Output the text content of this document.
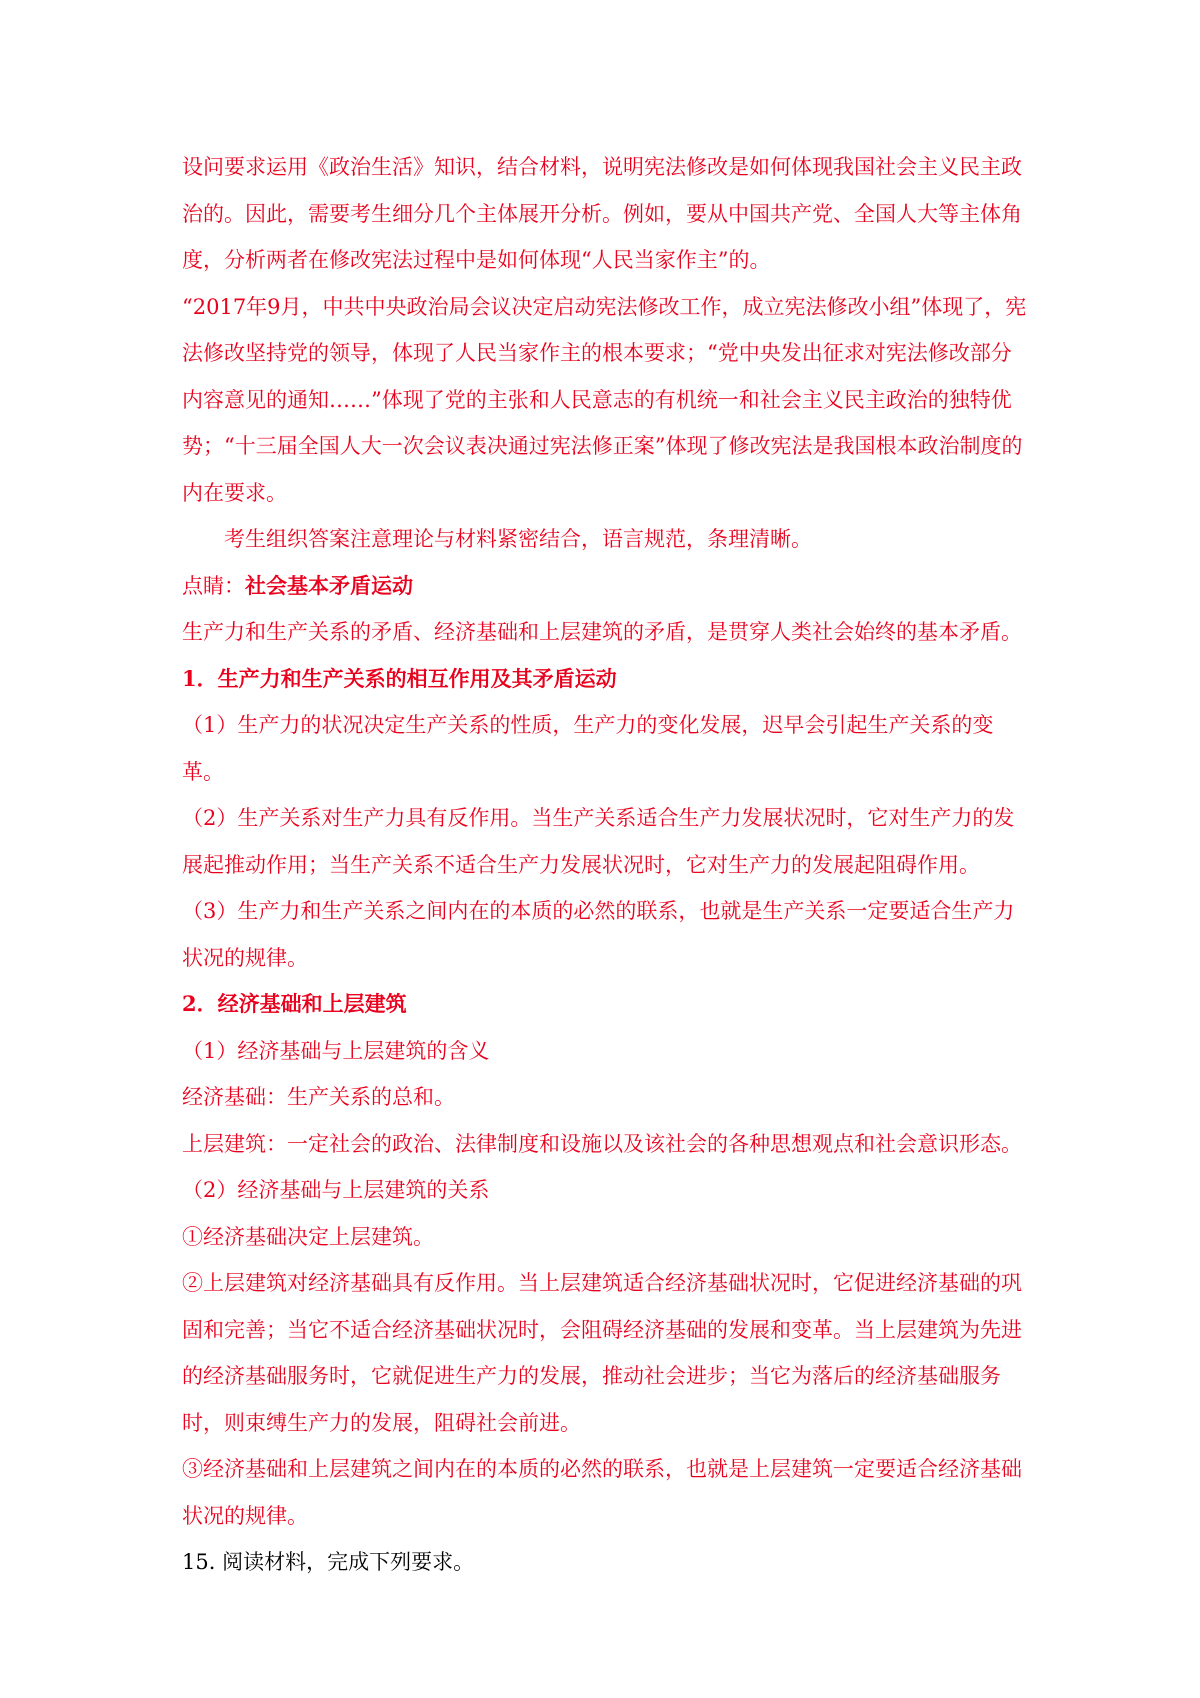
设问要求运用《政治生活》知识，结合材料，说明宪法修改是如何体现我国社会主义民主政治的。因此，需要考生细分几个主体展开分析。例如，要从中国共产党、全国人大等主体角度，分析两者在修改宪法过程中是如何体现“人民当家作主”的。

“2017年9月，中共中央政治局会议决定启动宪法修改工作，成立宪法修改小组”体现了，宪法修改坚持党的领导，体现了人民当家作主的根本要求；“党中央发出征求对宪法修改部分内容意见的通知……”体现了党的主张和人民意志的有机统一和社会主义民主政治的独特优势；“十三届全国人大一次会议表决通过宪法修正案”体现了修改宪法是我国根本政治制度的内在要求。

考生组织答案注意理论与材料紧密结合，语言规范，条理清晰。

点睛：社会基本矛盾运动

生产力和生产关系的矛盾、经济基础和上层建筑的矛盾，是贯穿人类社会始终的基本矛盾。

1．生产力和生产关系的相互作用及其矛盾运动

（1）生产力的状况决定生产关系的性质，生产力的变化发展，迟早会引起生产关系的变革。

（2）生产关系对生产力具有反作用。当生产关系适合生产力发展状况时，它对生产力的发展起推动作用；当生产关系不适合生产力发展状况时，它对生产力的发展起阻碍作用。

（3）生产力和生产关系之间内在的本质的必然的联系，也就是生产关系一定要适合生产力状况的规律。

2．经济基础和上层建筑

（1）经济基础与上层建筑的含义

经济基础：生产关系的总和。

上层建筑：一定社会的政治、法律制度和设施以及该社会的各种思想观点和社会意识形态。

（2）经济基础与上层建筑的关系

①经济基础决定上层建筑。

②上层建筑对经济基础具有反作用。当上层建筑适合经济基础状况时，它促进经济基础的巩固和完善；当它不适合经济基础状况时，会阻碍经济基础的发展和变革。当上层建筑为先进的经济基础服务时，它就促进生产力的发展，推动社会进步；当它为落后的经济基础服务时，则束缚生产力的发展，阻碍社会前进。

③经济基础和上层建筑之间内在的本质的必然的联系，也就是上层建筑一定要适合经济基础状况的规律。

15. 阅读材料，完成下列要求。
